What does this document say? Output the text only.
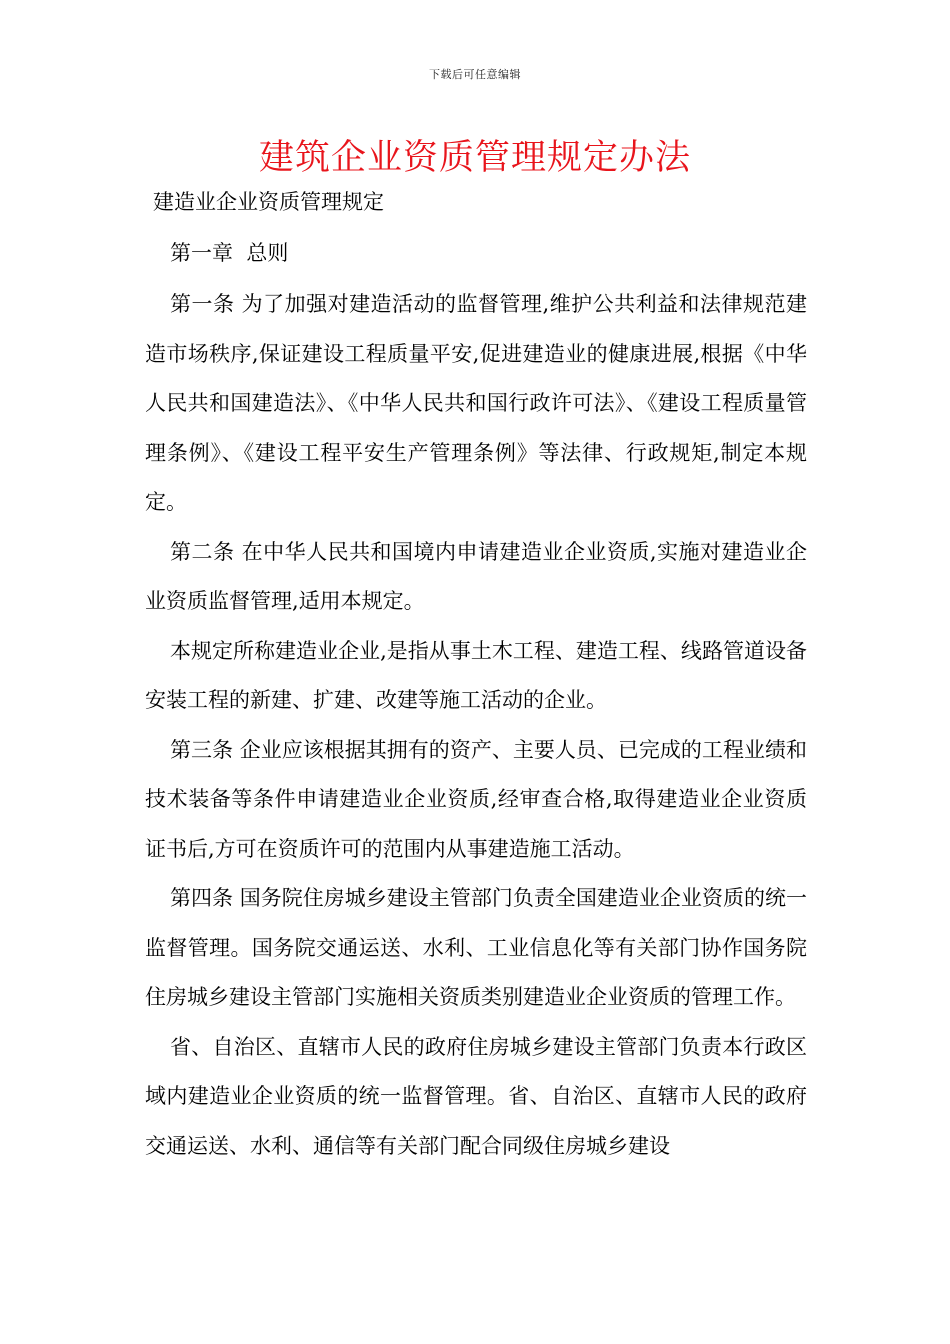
下载后可任意编辑
建筑企业资质管理规定办法

建造业企业资质管理规定

第一章  总则

第一条 为了加强对建造活动的监督管理,维护公共利益和法律规范建造市场秩序,保证建设工程质量平安,促进建造业的健康进展,根据《中华人民共和国建造法》、《中华人民共和国行政许可法》、《建设工程质量管理条例》、《建设工程平安生产管理条例》等法律、行政规矩,制定本规定。

第二条 在中华人民共和国境内申请建造业企业资质,实施对建造业企业资质监督管理,适用本规定。

本规定所称建造业企业,是指从事土木工程、建造工程、线路管道设备安装工程的新建、扩建、改建等施工活动的企业。

第三条 企业应该根据其拥有的资产、主要人员、已完成的工程业绩和技术装备等条件申请建造业企业资质,经审查合格,取得建造业企业资质证书后,方可在资质许可的范围内从事建造施工活动。

第四条 国务院住房城乡建设主管部门负责全国建造业企业资质的统一监督管理。国务院交通运送、水利、工业信息化等有关部门协作国务院住房城乡建设主管部门实施相关资质类别建造业企业资质的管理工作。

省、自治区、直辖市人民的政府住房城乡建设主管部门负责本行政区域内建造业企业资质的统一监督管理。省、自治区、直辖市人民的政府交通运送、水利、通信等有关部门配合同级住房城乡建设
